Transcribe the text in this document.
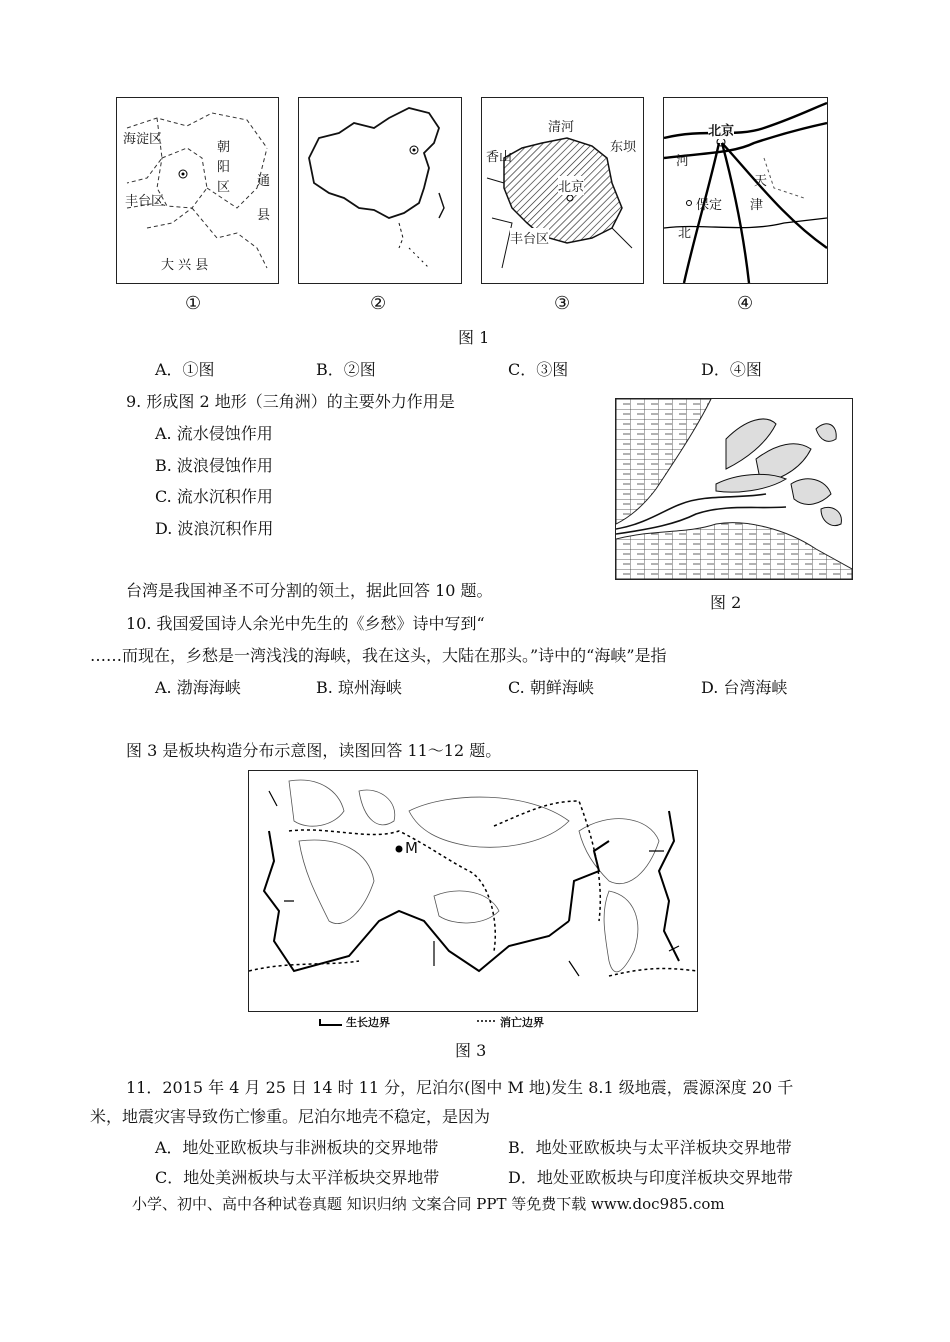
海淀区
朝
阳
区
丰台区
通
县
大 兴 县
清河
香山
东坝
北京
丰台区
北京
河
天
津
保定
北
①	②	③	④
图 1
A．①图	B．②图	C．③图	D．④图
9. 形成图 2 地形（三角洲）的主要外力作用是
A. 流水侵蚀作用
B. 波浪侵蚀作用
C. 流水沉积作用
D. 波浪沉积作用
图 2
台湾是我国神圣不可分割的领土，据此回答 10 题。
10. 我国爱国诗人余光中先生的《乡愁》诗中写到“
……而现在，乡愁是一湾浅浅的海峡，我在这头，大陆在那头。”诗中的“海峡”是指
A. 渤海海峡	B. 琼州海峡	C. 朝鲜海峡	D. 台湾海峡
图 3 是板块构造分布示意图，读图回答 11～12 题。
M
生长边界	消亡边界
图 3
11．2015 年 4 月 25 日 14 时 11 分，尼泊尔(图中 M 地)发生 8.1 级地震，震源深度 20 千
米，地震灾害导致伤亡惨重。尼泊尔地壳不稳定，是因为
A．地处亚欧板块与非洲板块的交界地带	B．地处亚欧板块与太平洋板块交界地带
C．地处美洲板块与太平洋板块交界地带	D．地处亚欧板块与印度洋板块交界地带
小学、初中、高中各种试卷真题 知识归纳 文案合同 PPT 等免费下载 www.doc985.com
